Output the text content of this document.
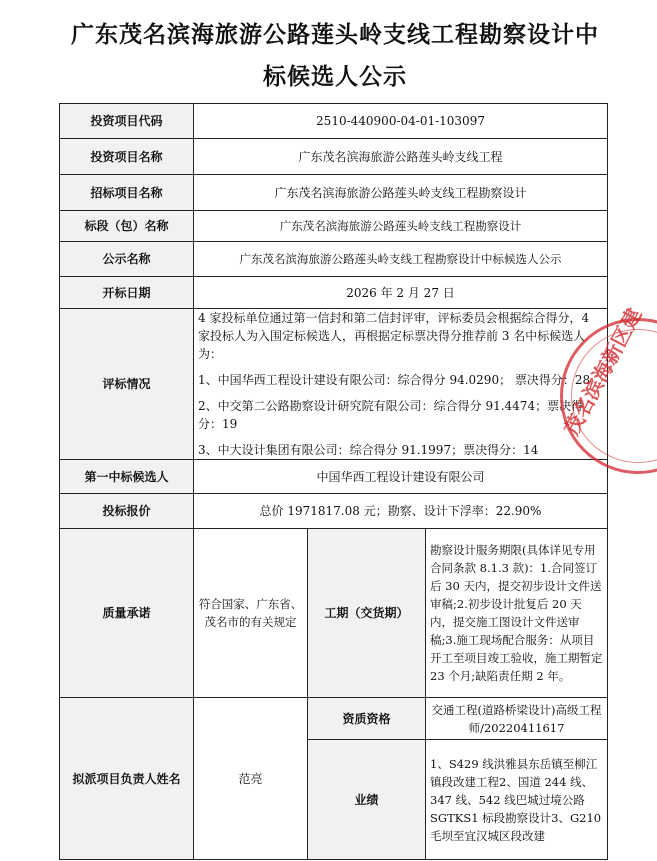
广东茂名滨海旅游公路莲头岭支线工程勘察设计中
标候选人公示
投资项目代码	2510-440900-04-01-103097		
投资项目名称	广东茂名滨海旅游公路莲头岭支线工程		
招标项目名称	广东茂名滨海旅游公路莲头岭支线工程勘察设计		
标段（包）名称	广东茂名滨海旅游公路莲头岭支线工程勘察设计		
公示名称	广东茂名滨海旅游公路莲头岭支线工程勘察设计中标候选人公示		
开标日期	2026 年 2 月 27 日		
评标情况	4 家投标单位通过第一信封和第二信封评审，评标委员会根据综合得分，4 家投标人为入围定标候选人，再根据定标票决得分推荐前 3 名中标候选人为：

1、中国华西工程设计建设有限公司：综合得分 94.0290； 票决得分：28

2、中交第二公路勘察设计研究院有限公司：综合得分 91.4474；票决得分：19

3、中大设计集团有限公司：综合得分 91.1997；票决得分：14		

第一中标候选人	中国华西工程设计建设有限公司		
投标报价	总价 1971817.08 元；勘察、设计下浮率：22.90%		
质量承诺	符合国家、广东省、茂名市的有关规定	工期（交货期）	勘察设计服务期限(具体详见专用合同条款 8.1.3 款)：1.合同签订后 30 天内，提交初步设计文件送审稿;2.初步设计批复后 20 天内，提交施工图设计文件送审稿;3.施工现场配合服务：从项目开工至项目竣工验收，施工期暂定 23 个月;缺陷责任期 2 年。
拟派项目负责人姓名	范亮	资质资格	交通工程(道路桥梁设计)高级工程师/20220411617
		业绩	1、S429 线洪雅县东岳镇至柳江镇段改建工程2、国道 244 线、347 线、542 线巴城过境公路 SGTKS1 标段勘察设计3、G210 毛坝至宜汉城区段改建
茂名滨海新区建
